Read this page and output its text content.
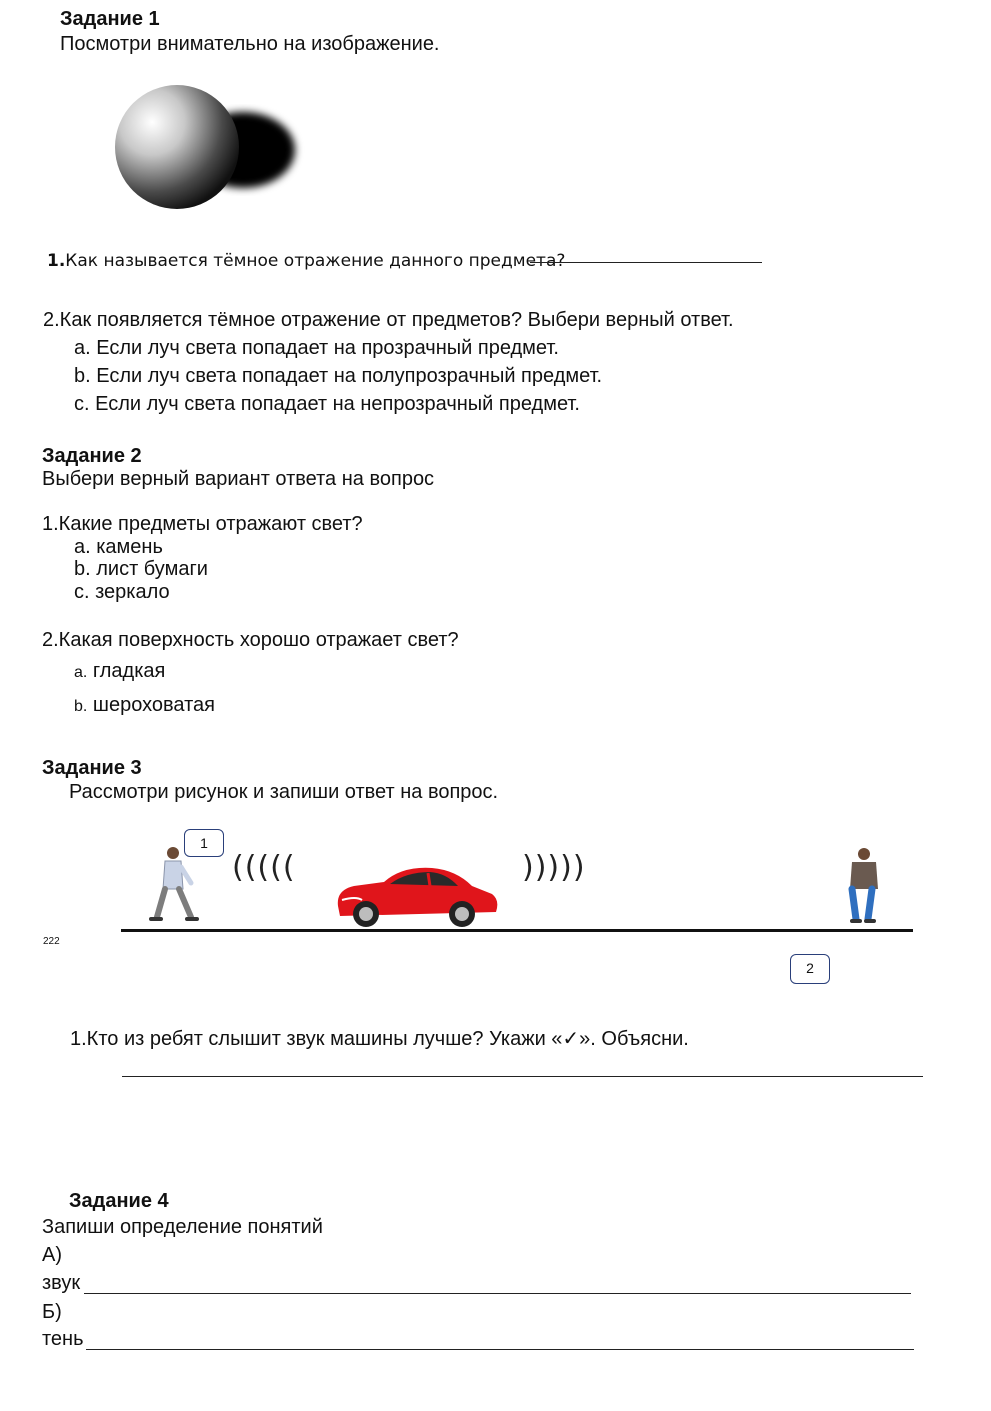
Задание 1
Посмотри внимательно на изображение.
1.Как называется тёмное отражение данного предмета?
2.Как появляется тёмное отражение от предметов? Выбери верный ответ.
a. Если луч света попадает на прозрачный предмет.
b. Если луч света попадает на полупрозрачный предмет.
c. Если луч света попадает на непрозрачный предмет.
Задание 2
Выбери верный вариант ответа на вопрос
1.Какие предметы отражают свет?
a. камень
b. лист бумаги
c. зеркало
2.Какая поверхность хорошо отражает свет?
a. гладкая
b. шероховатая
Задание 3
Рассмотри рисунок и запиши ответ на вопрос.
1
(((((	)))))
222
2
1.Кто из ребят слышит звук машины лучше? Укажи «✓». Объясни.
Задание 4
Запиши определение понятий
А)
звук
Б)
тень
